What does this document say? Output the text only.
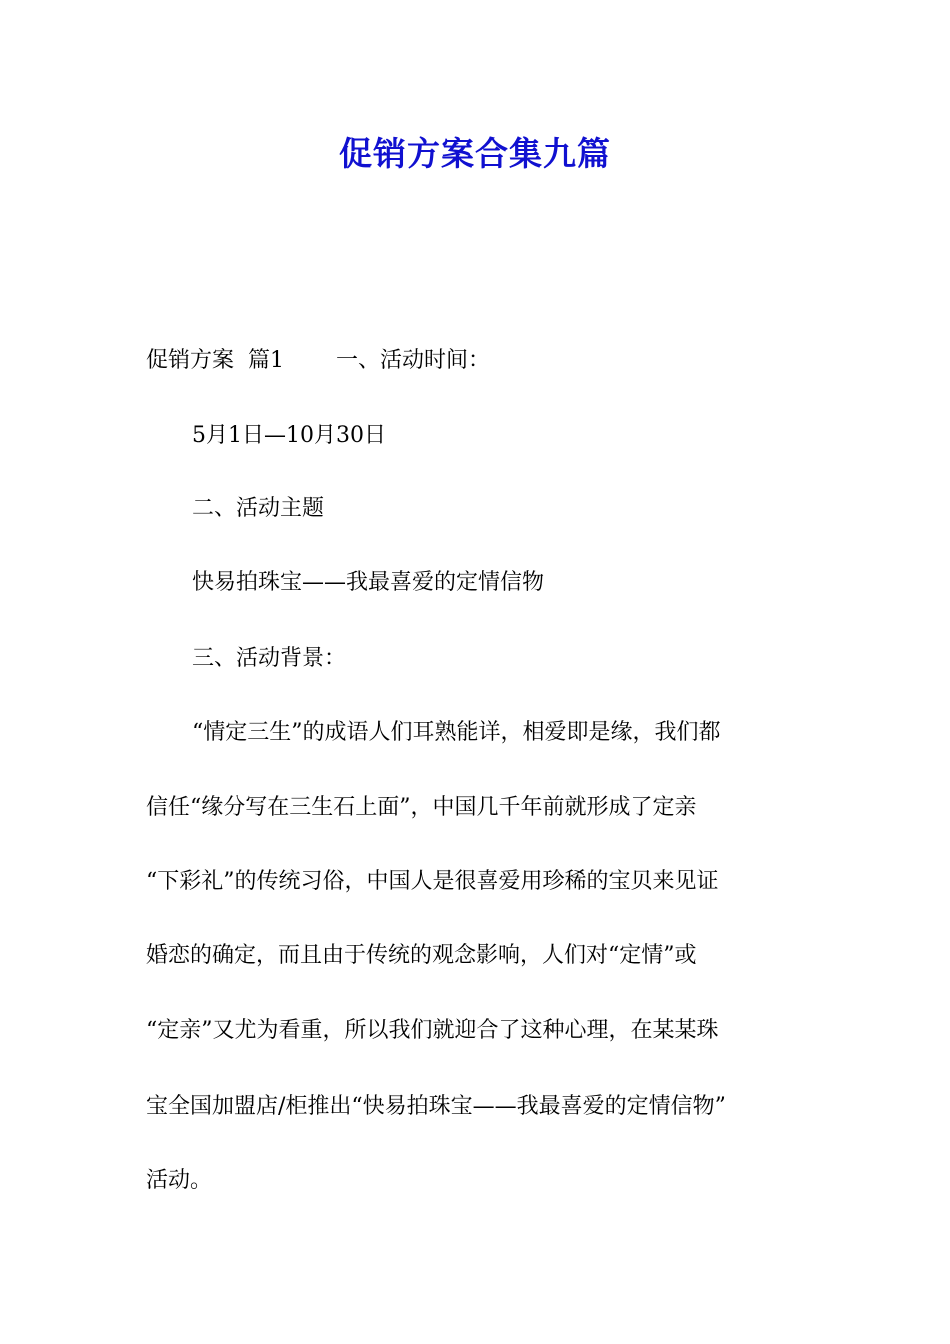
促销方案合集九篇
促销方案  篇1 一、活动时间：

5月1日—10月30日

二、活动主题

快易拍珠宝——我最喜爱的定情信物

三、活动背景：

“情定三生”的成语人们耳熟能详，相爱即是缘，我们都

信任“缘分写在三生石上面”，中国几千年前就形成了定亲

“下彩礼”的传统习俗，中国人是很喜爱用珍稀的宝贝来见证

婚恋的确定，而且由于传统的观念影响，人们对“定情”或

“定亲”又尤为看重，所以我们就迎合了这种心理，在某某珠

宝全国加盟店/柜推出“快易拍珠宝——我最喜爱的定情信物”

活动。
